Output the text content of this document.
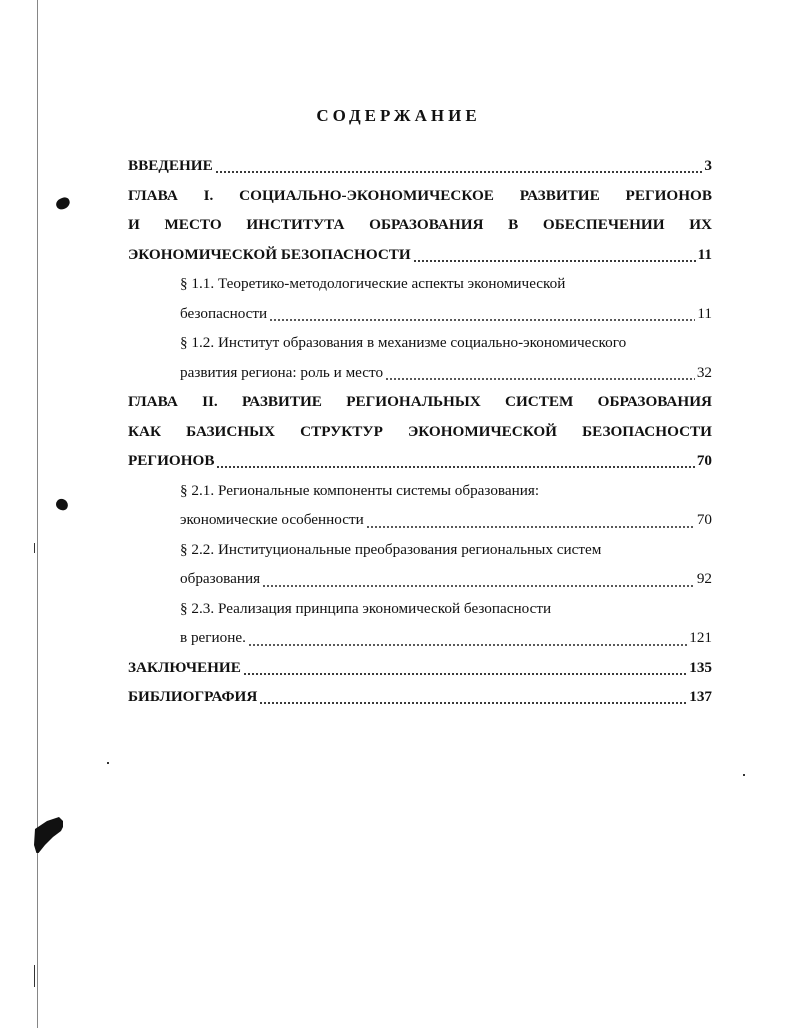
СОДЕРЖАНИЕ
ВВЕДЕНИЕ	3
ГЛАВА I. СОЦИАЛЬНО-ЭКОНОМИЧЕСКОЕ РАЗВИТИЕ РЕГИОНОВ
И МЕСТО ИНСТИТУТА ОБРАЗОВАНИЯ В ОБЕСПЕЧЕНИИ ИХ
ЭКОНОМИЧЕСКОЙ БЕЗОПАСНОСТИ	11
§ 1.1. Теоретико-методологические аспекты экономической
безопасности	11
§ 1.2. Институт образования в механизме социально-экономического
развития региона: роль и место	32
ГЛАВА II. РАЗВИТИЕ РЕГИОНАЛЬНЫХ СИСТЕМ ОБРАЗОВАНИЯ
КАК БАЗИСНЫХ СТРУКТУР ЭКОНОМИЧЕСКОЙ БЕЗОПАСНОСТИ
РЕГИОНОВ	70
§ 2.1. Региональные компоненты системы образования:
экономические особенности	70
§ 2.2. Институциональные преобразования региональных систем
образования	92
§ 2.3. Реализация принципа экономической безопасности
в регионе.	121
ЗАКЛЮЧЕНИЕ	135
БИБЛИОГРАФИЯ	137
